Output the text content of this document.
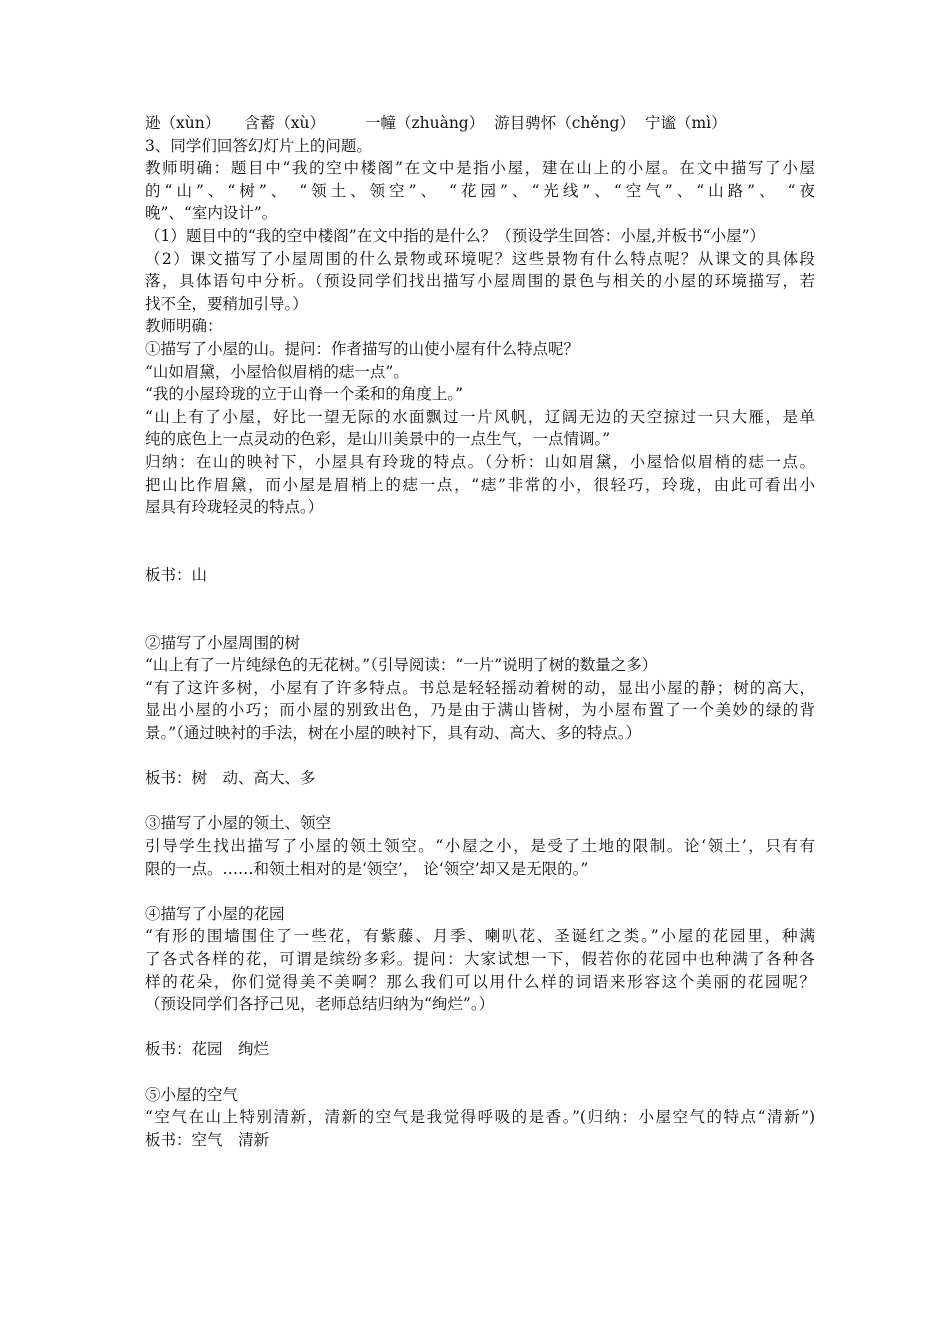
逊（xùn） 含蓄（xù）	一幢（zhuàng） 游目骋怀（chěng） 宁谧（mì）
3、同学们回答幻灯片上的问题。
教师明确：题目中“我的空中楼阁”在文中是指小屋，建在山上的小屋。在文中描写了小屋
的“山”、“树”、 “领土、领空”、 “花园”、“光线”、“空气”、“山路”、 “夜
晚”、“室内设计”。
（1）题目中的“我的空中楼阁”在文中指的是什么？（预设学生回答：小屋,并板书“小屋”）
（2）课文描写了小屋周围的什么景物或环境呢？这些景物有什么特点呢？从课文的具体段
落，具体语句中分析。（预设同学们找出描写小屋周围的景色与相关的小屋的环境描写，若
找不全，要稍加引导。）
教师明确：
①描写了小屋的山。提问：作者描写的山使小屋有什么特点呢？
“山如眉黛，小屋恰似眉梢的痣一点”。
“我的小屋玲珑的立于山脊一个柔和的角度上。”
“山上有了小屋，好比一望无际的水面飘过一片风帆，辽阔无边的天空掠过一只大雁，是单
纯的底色上一点灵动的色彩，是山川美景中的一点生气，一点情调。”
归纳：在山的映衬下，小屋具有玲珑的特点。（分析：山如眉黛，小屋恰似眉梢的痣一点。
把山比作眉黛，而小屋是眉梢上的痣一点，“痣”非常的小，很轻巧，玲珑，由此可看出小
屋具有玲珑轻灵的特点。）
板书：山
②描写了小屋周围的树
“山上有了一片纯绿色的无花树。”（引导阅读：“一片”说明了树的数量之多）
“有了这许多树，小屋有了许多特点。书总是轻轻摇动着树的动，显出小屋的静；树的高大，
显出小屋的小巧；而小屋的别致出色，乃是由于满山皆树，为小屋布置了一个美妙的绿的背
景。”（通过映衬的手法，树在小屋的映衬下，具有动、高大、多的特点。）
板书：树　动、高大、多
③描写了小屋的领土、领空
引导学生找出描写了小屋的领土领空。“小屋之小，是受了土地的限制。论‘领土’，只有有
限的一点。……和领土相对的是‘领空’， 论‘领空’却又是无限的。”
④描写了小屋的花园
“有形的围墙围住了一些花，有紫藤、月季、喇叭花、圣诞红之类。”小屋的花园里，种满
了各式各样的花，可谓是缤纷多彩。提问：大家试想一下，假若你的花园中也种满了各种各
样的花朵，你们觉得美不美啊？那么我们可以用什么样的词语来形容这个美丽的花园呢？
（预设同学们各抒己见，老师总结归纳为“绚烂”。）
板书：花园　绚烂
⑤小屋的空气
“空气在山上特别清新，清新的空气是我觉得呼吸的是香。”(归纳：小屋空气的特点“清新”)
板书：空气　清新
